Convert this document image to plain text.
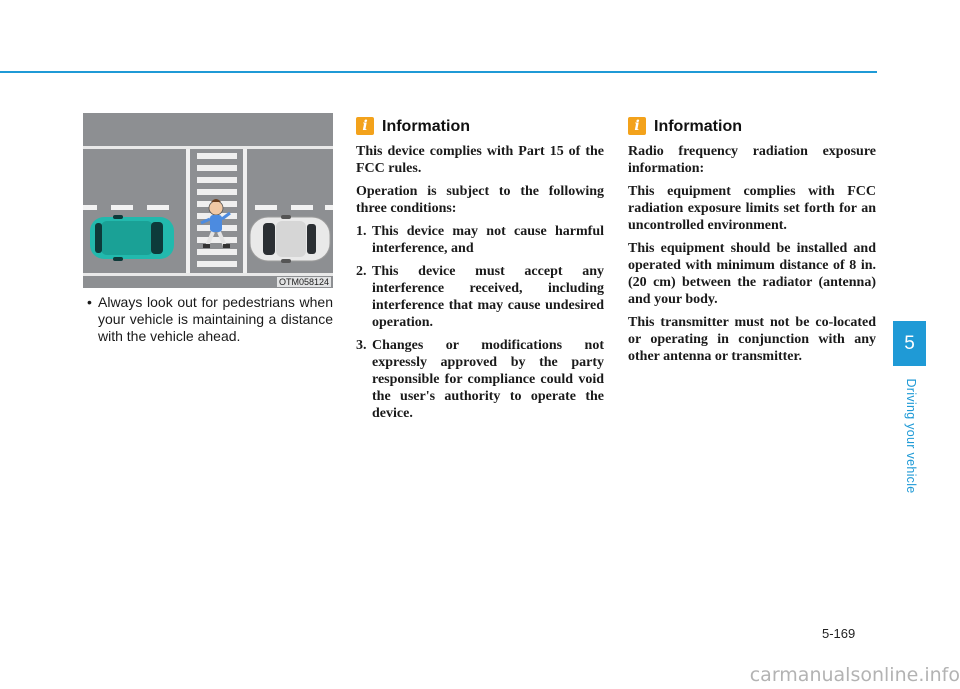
OTM058124
• Always look out for pedestrians when your vehicle is maintaining a distance with the vehicle ahead.
i Information

This device complies with Part 15 of the FCC rules.

Operation is subject to the following three conditions:

1. This device may not cause harmful interference, and
2. This device must accept any interference received, including interference that may cause undesired operation.
3. Changes or modifications not expressly approved by the party responsible for compliance could void the user's authority to operate the device.
i Information

Radio frequency radiation exposure information:

This equipment complies with FCC radiation exposure limits set forth for an uncontrolled environment.

This equipment should be installed and operated with minimum distance of 8 in. (20 cm) between the radiator (antenna) and your body.

This transmitter must not be co-located or operating in conjunction with any other antenna or transmitter.

5
Driving your vehicle
5-169
carmanualsonline.info
